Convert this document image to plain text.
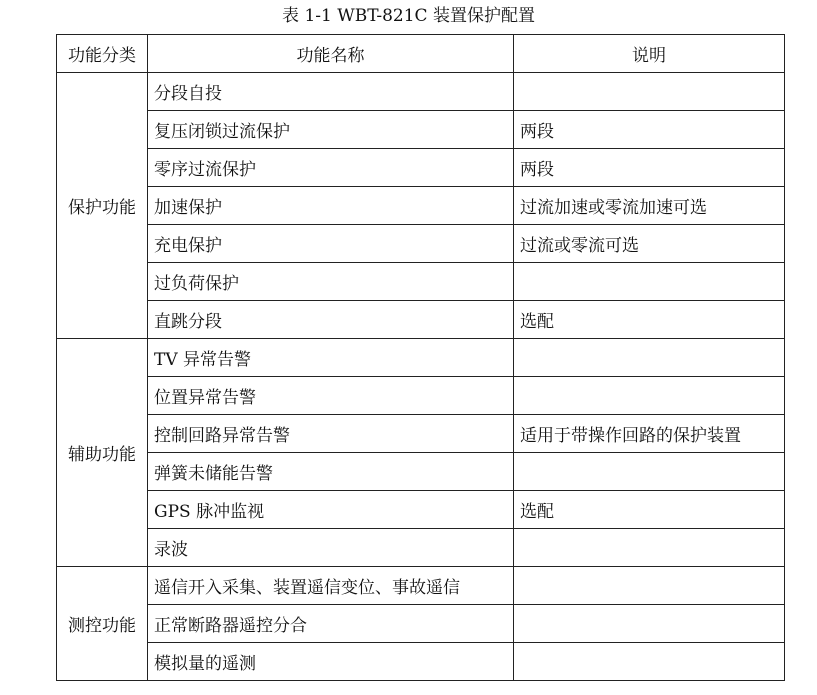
表 1-1 WBT-821C 装置保护配置
功能分类	功能名称	说明
保护功能	分段自投	
	复压闭锁过流保护	两段
	零序过流保护	两段
	加速保护	过流加速或零流加速可选
	充电保护	过流或零流可选
	过负荷保护	
	直跳分段	选配
辅助功能	TV 异常告警	
	位置异常告警	
	控制回路异常告警	适用于带操作回路的保护装置
	弹簧未储能告警	
	GPS 脉冲监视	选配
	录波	
测控功能	遥信开入采集、装置遥信变位、事故遥信	
	正常断路器遥控分合	
	模拟量的遥测	
